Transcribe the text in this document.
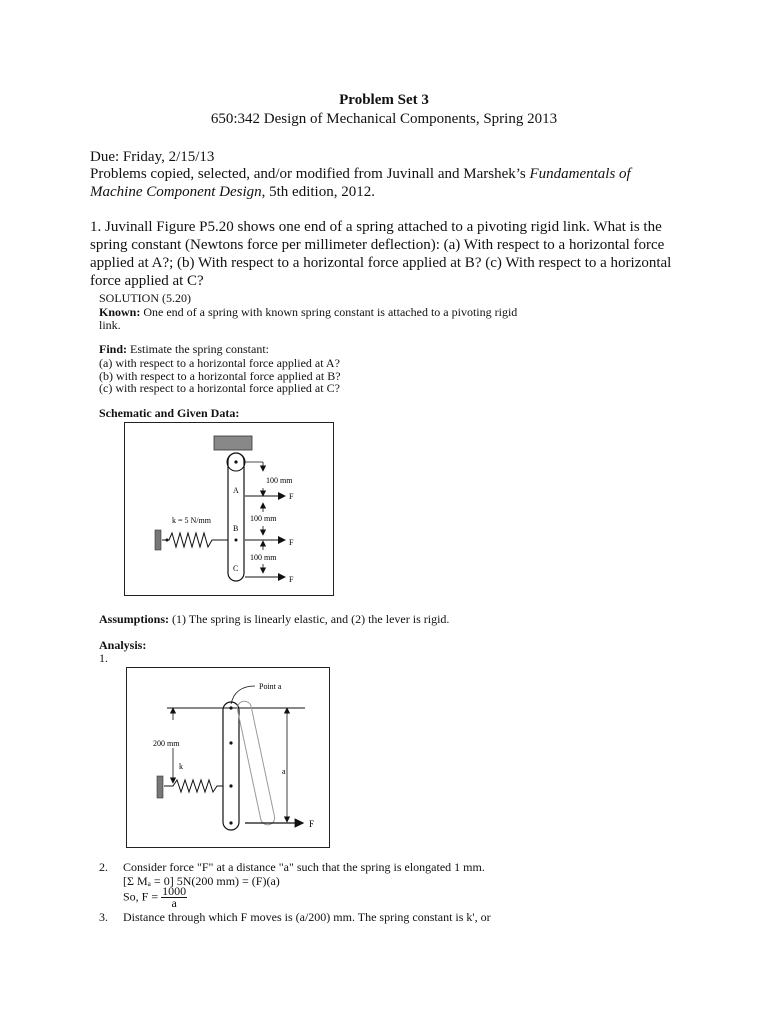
Problem Set 3
650:342 Design of Mechanical Components, Spring 2013
Due: Friday, 2/15/13
Problems copied, selected, and/or modified from Juvinall and Marshek’s Fundamentals of
Machine Component Design, 5th edition, 2012.
1. Juvinall Figure P5.20 shows one end of a spring attached to a pivoting rigid link. What is the
spring constant (Newtons force per millimeter deflection): (a) With respect to a horizontal force
applied at A?; (b) With respect to a horizontal force applied at B? (c) With respect to a horizontal
force applied at C?
SOLUTION (5.20)
Known: One end of a spring with known spring constant is attached to a pivoting rigid
link.
Find: Estimate the spring constant:
(a) with respect to a horizontal force applied at A?
(b) with respect to a horizontal force applied at B?
(c) with respect to a horizontal force applied at C?
Schematic and Given Data:
100 mm
F
A
100 mm
k = 5 N/mm
B
F
100 mm
C
F
Assumptions: (1) The spring is linearly elastic, and (2) the lever is rigid.
Analysis:
1.
200 mm
Point a
k
a
F
2. Consider force "F" at a distance "a" such that the spring is elongated 1 mm.
[Σ Mₐ = 0] 5N(200 mm) = (F)(a)
So, $F = \frac{1000}{a}$
3. Distance through which F moves is (a/200) mm. The spring constant is k', or
